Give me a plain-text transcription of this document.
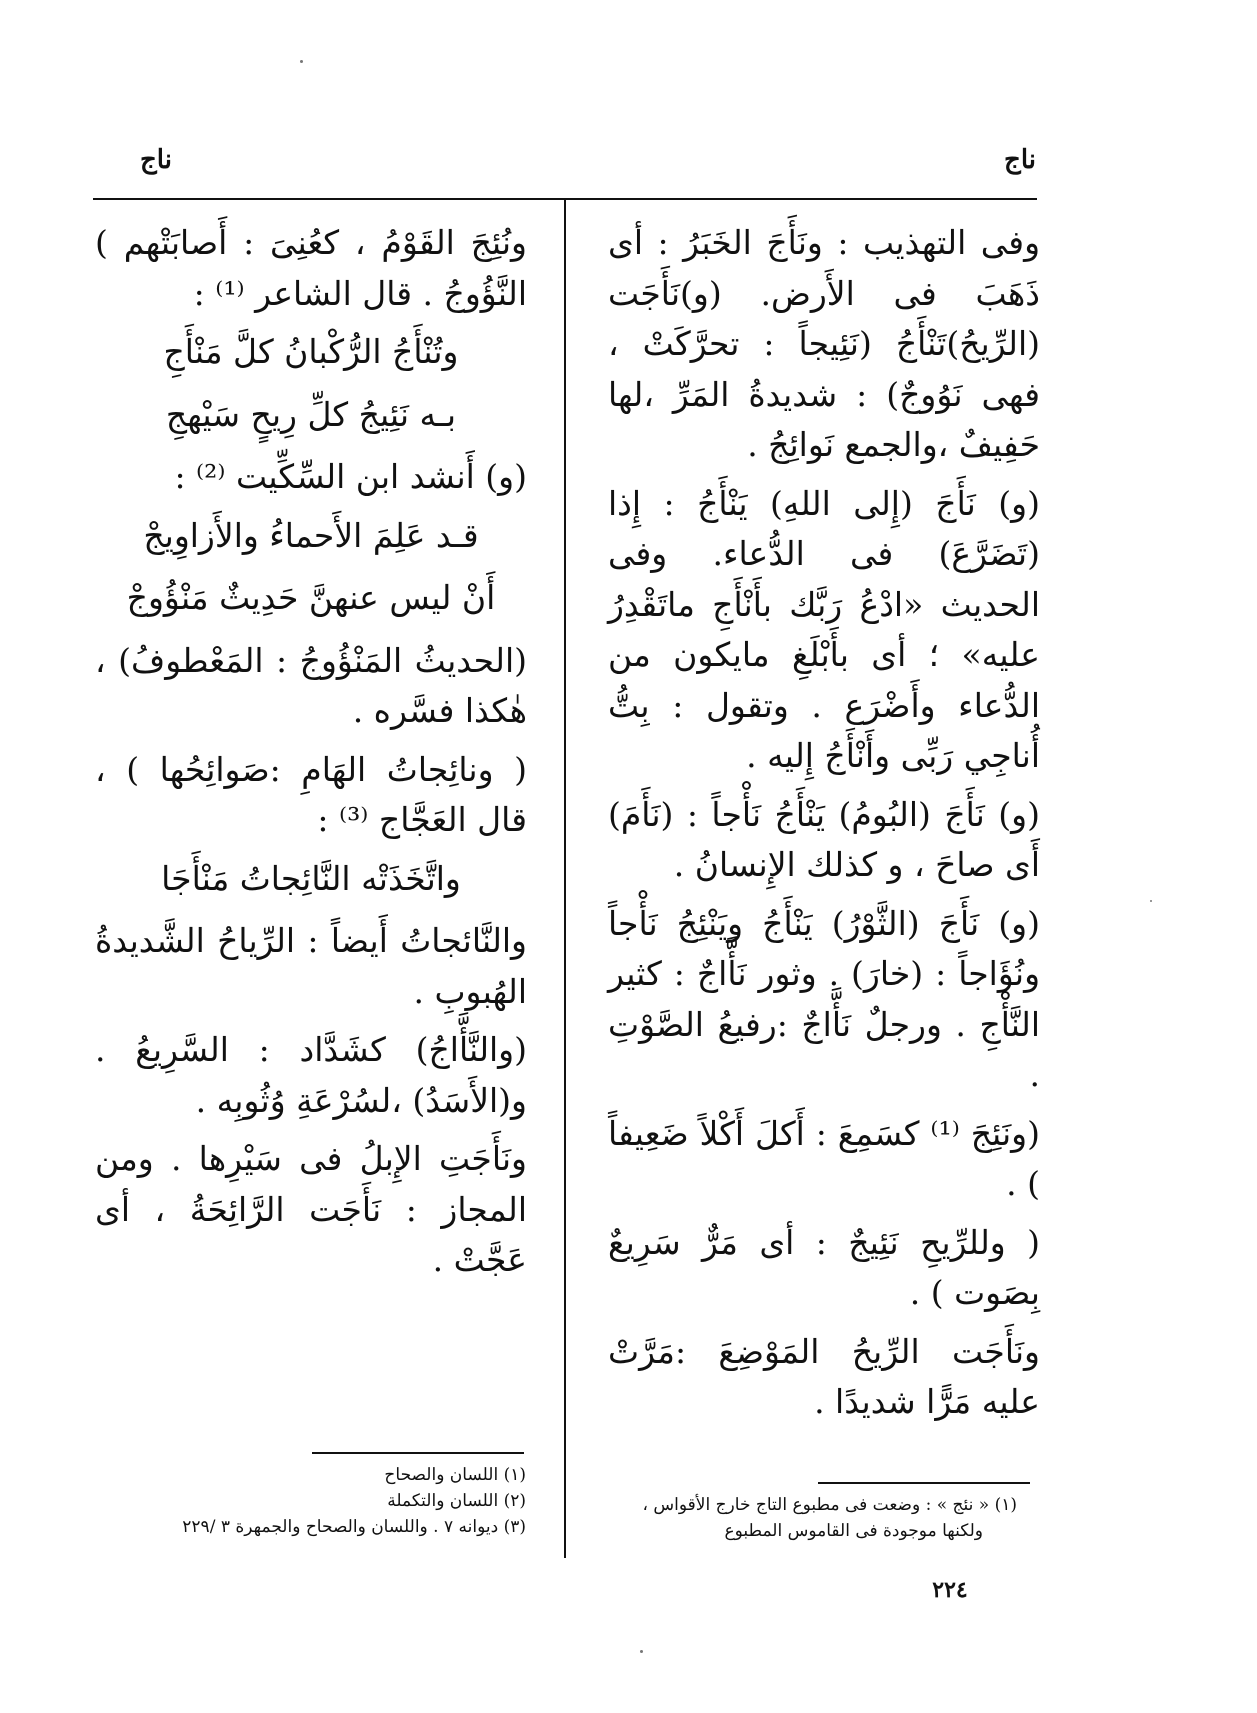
ناج
ناج

وفى التهذيب : ونَأَجَ الخَبَرُ : أى ذَهَبَ فى الأَرض. (و)نَأَجَت (الرِّيحُ)تَنْأَجُ (نَئِيجاً : تحرَّكَتْ ، فهى نَوُوجٌ) : شديدةُ المَرِّ ،لها حَفِيفٌ ،والجمع نَوائِجُ .

(و) نَأَجَ (إِلى اللهِ) يَنْأَجُ : إِذا (تَضَرَّعَ) فى الدُّعاء. وفى الحديث «ادْعُ رَبَّك بأَنْأَجِ ماتَقْدِرُ عليه» ؛ أى بأَبْلَغِ مايكون من الدُّعاء وأَضْرَع . وتقول : بِتُّ أُناجِي رَبِّى وأَنْأَجُ إِليه .

(و) نَأَجَ (البُومُ) يَنْأَجُ نَأْجاً : (نَأَمَ) أَى صاحَ ، و كذلك الإِنسانُ .

(و) نَأَجَ (الثَّوْرُ) يَنْأَجُ ويَنْئِجُ نَأْجاً ونُؤَاجاً : (خارَ) . وثور نَأَّاجٌ : كثير النَّأْجِ . ورجلٌ نَأَّاجٌ :رفيعُ الصَّوْتِ .

(ونَئِجَ ⁽¹⁾ كسَمِعَ : أَكلَ أَكْلاً ضَعِيفاً ) .

( وللرِّيحِ نَئِيجٌ : أى مَرٌّ سَرِيعٌ بِصَوت ) .

ونَأَجَت الرِّيحُ المَوْضِعَ :مَرَّتْ عليه مَرًّا شديدًا .

ونُئِجَ القَوْمُ ، كعُنِىَ : أَصابَتْهم ) النَّؤُوجُ . قال الشاعر ⁽¹⁾ :

وتُنْأَجُ الرُّكْبانُ كلَّ مَنْأَجِ

بـه نَئِيجُ كلِّ رِيحٍ سَيْهجِ

(و) أَنشد ابن السِّكِّيت ⁽²⁾ :

قـد عَلِمَ الأَحماءُ والأَزاوِيجْ

أَنْ ليس عنهنَّ حَدِيثٌ مَنْؤُوجْ

(الحديثُ المَنْؤُوجُ : المَعْطوفُ) ، هٰكذا فسَّره .

( ونائِجاتُ الهَامِ :صَوائِحُها ) ، قال العَجَّاج ⁽³⁾ :

واتَّخَذَتْه النَّائِجاتُ مَنْأَجَا

والنَّائجاتُ أَيضاً : الرِّياحُ الشَّديدةُ الهُبوبِ .

(والنَّأَّاجُ) كشَدَّاد : السَّرِيعُ . و(الأَسَدُ) ،لسُرْعَةِ وُثُوبِه .

ونَأَجَتِ الإِبلُ فى سَيْرِها . ومن المجاز : نَأَجَت الرَّائِحَةُ ، أى عَجَّتْ .

(١) « نئج » : وضعت فى مطبوع التاج خارج الأقواس ،
ولكنها موجودة فى القاموس المطبوع
(١) اللسان والصحاح
(٢) اللسان والتكملة
(٣) ديوانه ٧ . واللسان والصحاح والجمهرة ٣ /٢٢٩
٢٢٤
